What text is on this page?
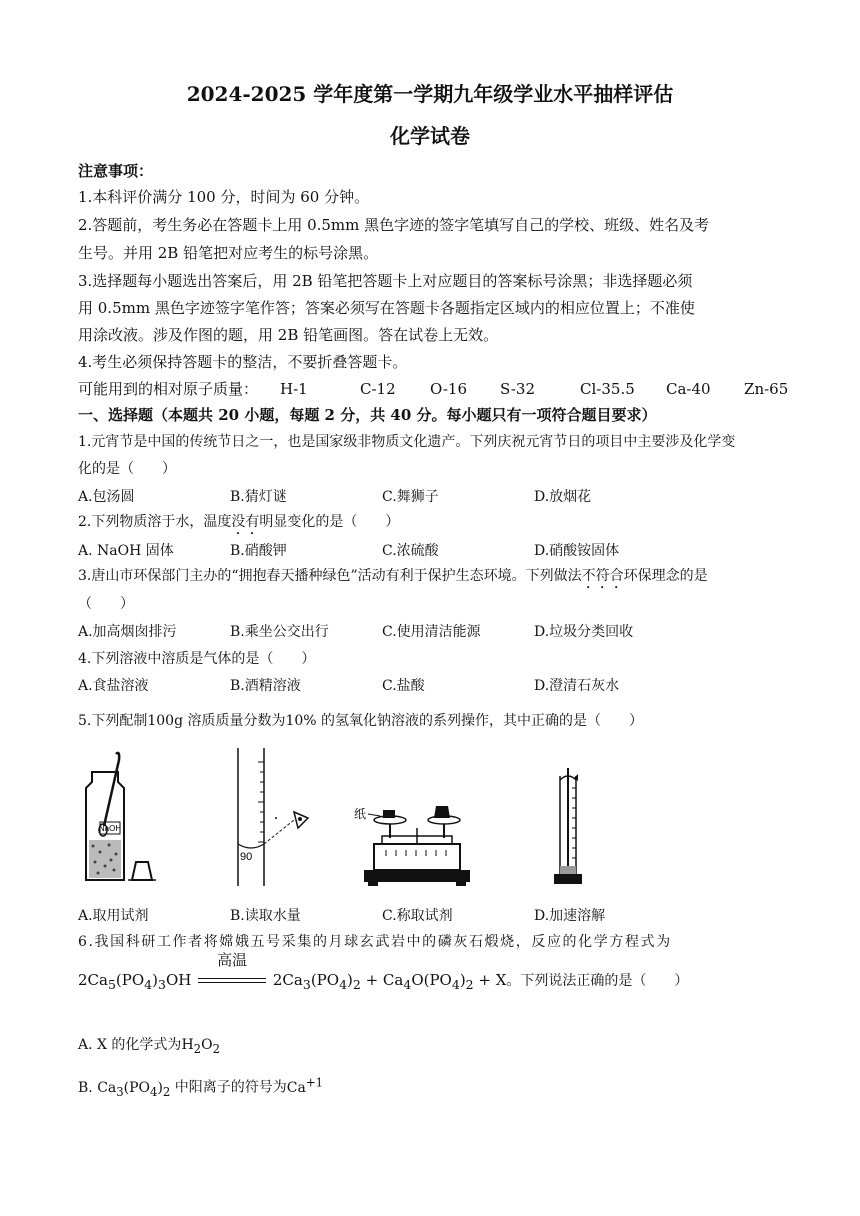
2024-2025 学年度第一学期九年级学业水平抽样评估
化学试卷
注意事项：
1.本科评价满分 100 分，时间为 60 分钟。
2.答题前，考生务必在答题卡上用 0.5mm 黑色字迹的签字笔填写自己的学校、班级、姓名及考
生号。并用 2B 铅笔把对应考生的标号涂黑。
3.选择题每小题选出答案后，用 2B 铅笔把答题卡上对应题目的答案标号涂黑；非选择题必须
用 0.5mm 黑色字迹签字笔作答；答案必须写在答题卡各题指定区域内的相应位置上；不准使
用涂改液。涉及作图的题，用 2B 铅笔画图。答在试卷上无效。
4.考生必须保持答题卡的整洁，不要折叠答题卡。
可能用到的相对原子质量： H-1	C-12 O-16 S-32	Cl-35.5 Ca-40 Zn-65
一、选择题（本题共 20 小题，每题 2 分，共 40 分。每小题只有一项符合题目要求）
1.元宵节是中国的传统节日之一，也是国家级非物质文化遗产。下列庆祝元宵节日的项目中主要涉及化学变
化的是（　　）
A.包汤圆	B.猜灯谜	C.舞狮子	D.放烟花
2.下列物质溶于水，温度没有明显变化的是（　　）
A. NaOH 固体	B.硝酸钾	C.浓硫酸	D.硝酸铵固体
3.唐山市环保部门主办的“拥抱春天播种绿色”活动有利于保护生态环境。下列做法不符合环保理念的是
（　　）
A.加高烟囱排污	B.乘坐公交出行	C.使用清洁能源	D.垃圾分类回收
4.下列溶液中溶质是气体的是（　　）
A.食盐溶液	B.酒精溶液	C.盐酸	D.澄清石灰水
5.下列配制100g 溶质质量分数为10% 的氢氧化钠溶液的系列操作，其中正确的是（　　）
NaOH
90
纸
A.取用试剂	B.读取水量	C.称取试剂	D.加速溶解
6.我国科研工作者将嫦娥五号采集的月球玄武岩中的磷灰石煅烧，反应的化学方程式为
$2Ca_5(PO_4)_3OH$
高温
$2Ca_3(PO_4)_2 + Ca_4O(PO_4)_2 + X$。下列说法正确的是（　　）
A. X 的化学式为$H_2O_2$
B. $Ca_3(PO_4)_2$ 中阳离子的符号为$Ca^{+1}$
